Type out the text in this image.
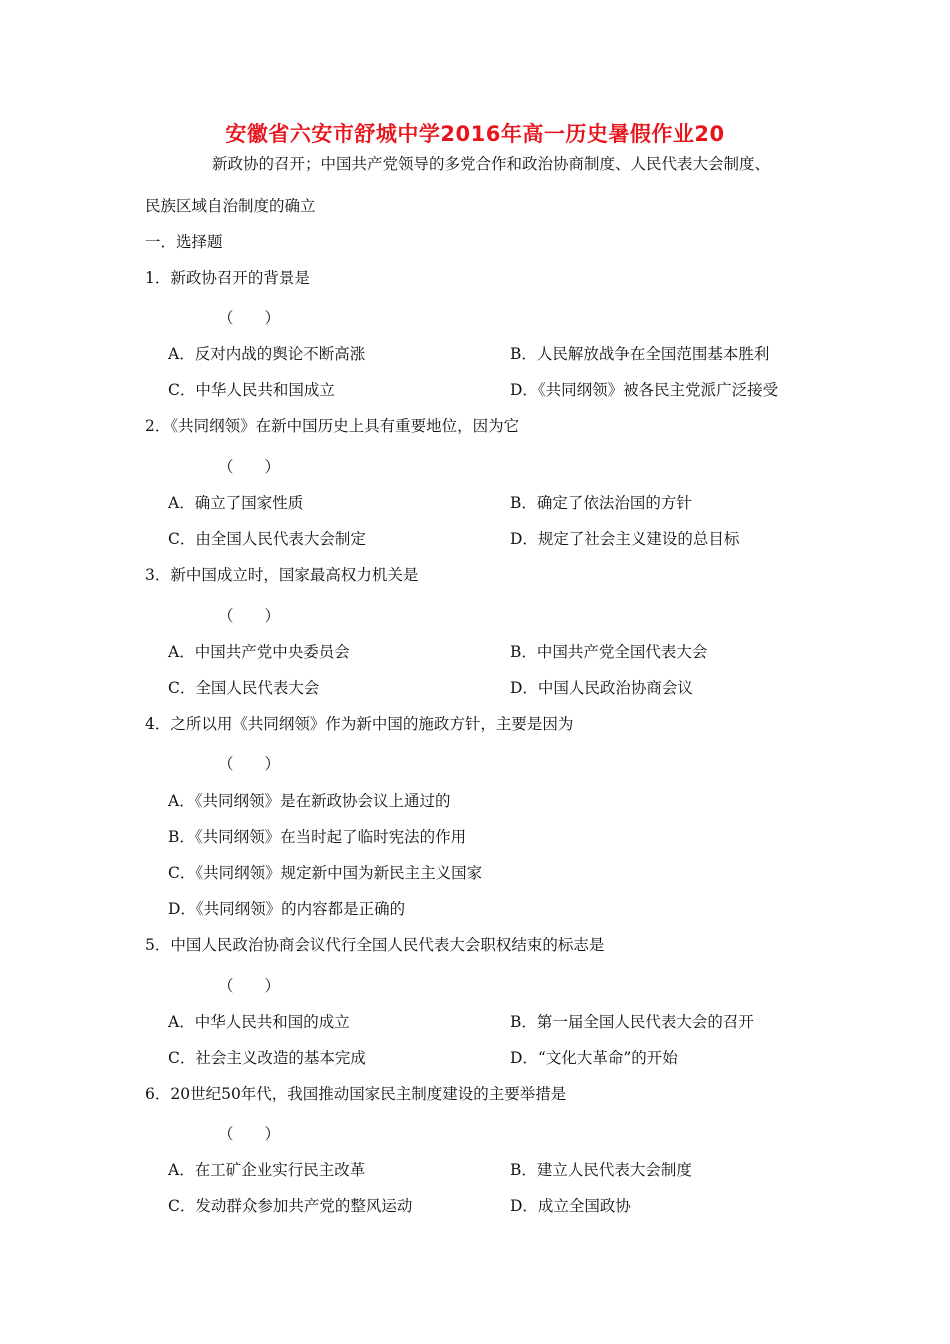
安徽省六安市舒城中学2016年高一历史暑假作业20
新政协的召开；中国共产党领导的多党合作和政治协商制度、人民代表大会制度、
民族区域自治制度的确立
一．选择题
1．新政协召开的背景是
（　　）
A．反对内战的舆论不断高涨	B．人民解放战争在全国范围基本胜利
C．中华人民共和国成立	D．《共同纲领》被各民主党派广泛接受
2．《共同纲领》在新中国历史上具有重要地位，因为它
（　　）
A．确立了国家性质	B．确定了依法治国的方针
C．由全国人民代表大会制定	D．规定了社会主义建设的总目标
3．新中国成立时，国家最高权力机关是
（　　）
A．中国共产党中央委员会	B．中国共产党全国代表大会
C．全国人民代表大会	D．中国人民政治协商会议
4．之所以用《共同纲领》作为新中国的施政方针，主要是因为
（　　）
A．《共同纲领》是在新政协会议上通过的
B．《共同纲领》在当时起了临时宪法的作用
C．《共同纲领》规定新中国为新民主主义国家
D．《共同纲领》的内容都是正确的
5．中国人民政治协商会议代行全国人民代表大会职权结束的标志是
（　　）
A．中华人民共和国的成立	B．第一届全国人民代表大会的召开
C．社会主义改造的基本完成	D．“文化大革命”的开始
6．20世纪50年代，我国推动国家民主制度建设的主要举措是
（　　）
A．在工矿企业实行民主改革	B．建立人民代表大会制度
C．发动群众参加共产党的整风运动	D．成立全国政协
